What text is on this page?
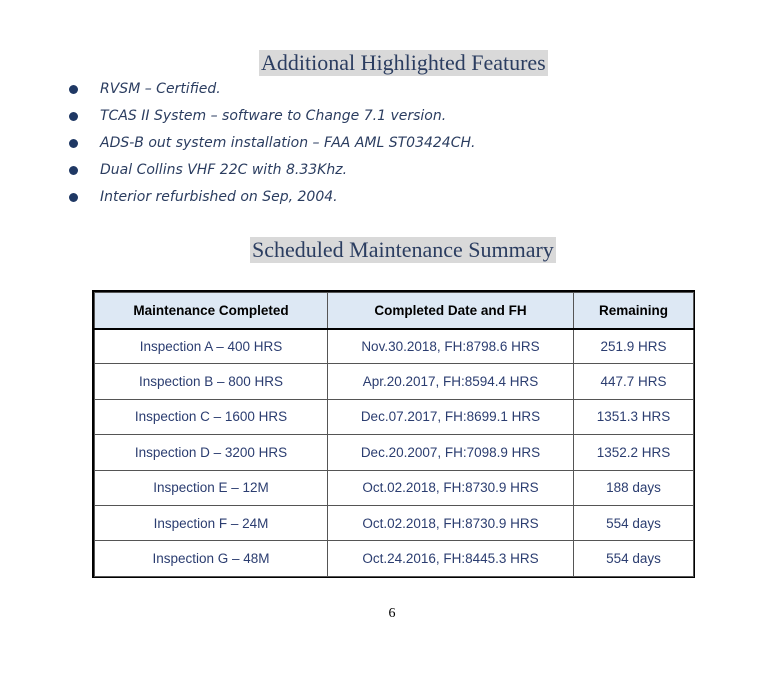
Additional Highlighted Features
RVSM – Certified.
TCAS II System – software to Change 7.1 version.
ADS-B out system installation – FAA AML ST03424CH.
Dual Collins VHF 22C with 8.33Khz.
Interior refurbished on Sep, 2004.
Scheduled Maintenance Summary
Maintenance Completed	Completed Date and FH	Remaining
Inspection A – 400 HRS	Nov.30.2018, FH:8798.6 HRS	251.9 HRS
Inspection B – 800 HRS	Apr.20.2017, FH:8594.4 HRS	447.7 HRS
Inspection C – 1600 HRS	Dec.07.2017, FH:8699.1 HRS	1351.3 HRS
Inspection D – 3200 HRS	Dec.20.2007, FH:7098.9 HRS	1352.2 HRS
Inspection E – 12M	Oct.02.2018, FH:8730.9 HRS	188 days
Inspection F – 24M	Oct.02.2018, FH:8730.9 HRS	554 days
Inspection G – 48M	Oct.24.2016, FH:8445.3 HRS	554 days
6
